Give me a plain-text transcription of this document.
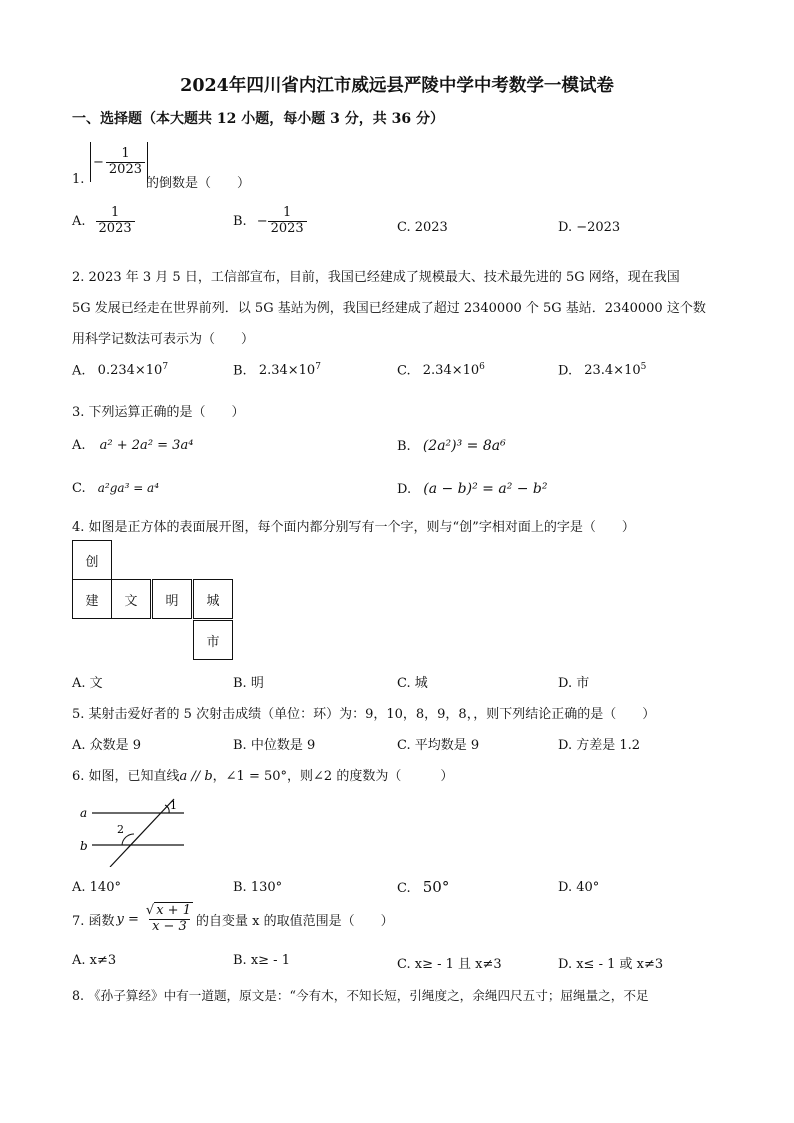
2024年四川省内江市威远县严陵中学中考数学一模试卷
一、选择题（本大题共 12 小题，每小题 3 分，共 36 分）
1.
− $\frac{1}{2023}$
的倒数是（　　）
A. $\frac{1}{2023}$	B. − $\frac{1}{2023}$	C. 2023	D. −2023
2. 2023 年 3 月 5 日，工信部宣布，目前，我国已经建成了规模最大、技术最先进的 5G 网络，现在我国
5G 发展已经走在世界前列．以 5G 基站为例，我国已经建成了超过 2340000 个 5G 基站．2340000 这个数
用科学记数法可表示为（　　）
A. $0.234\times 10^7$	B. $2.34\times 10^7$	C. $2.34\times 10^6$	D. $23.4\times 10^5$
3. 下列运算正确的是（　　）
A. a² + 2a² = 3a⁴	B. (2a²)³ = 8a⁶
C. a²ga³ = a⁴	D. (a − b)² = a² − b²
4. 如图是正方体的表面展开图，每个面内都分别写有一个字，则与“创”字相对面上的字是（　　）
创
建	文	明	城
市
A. 文	B. 明	C. 城	D. 市
5. 某射击爱好者的 5 次射击成绩（单位：环）为：9，10，8，9，8，，则下列结论正确的是（　　）
A. 众数是 9	B. 中位数是 9	C. 平均数是 9	D. 方差是 1.2
6. 如图，已知直线a // b，∠1 = 50°，则∠2 的度数为（　　　）
a
b
1
2
A. 140°	B. 130°	C. 50°	D. 40°
7. 函数 $y = \frac{√ x + 1}{x - 3}$ 的自变量 x 的取值范围是（　　）
A. x≠3	B. x≥ - 1	C. x≥ - 1 且 x≠3	D. x≤ - 1 或 x≠3
8. 《孙子算经》中有一道题，原文是：“今有木，不知长短，引绳度之，余绳四尺五寸；屈绳量之，不足
